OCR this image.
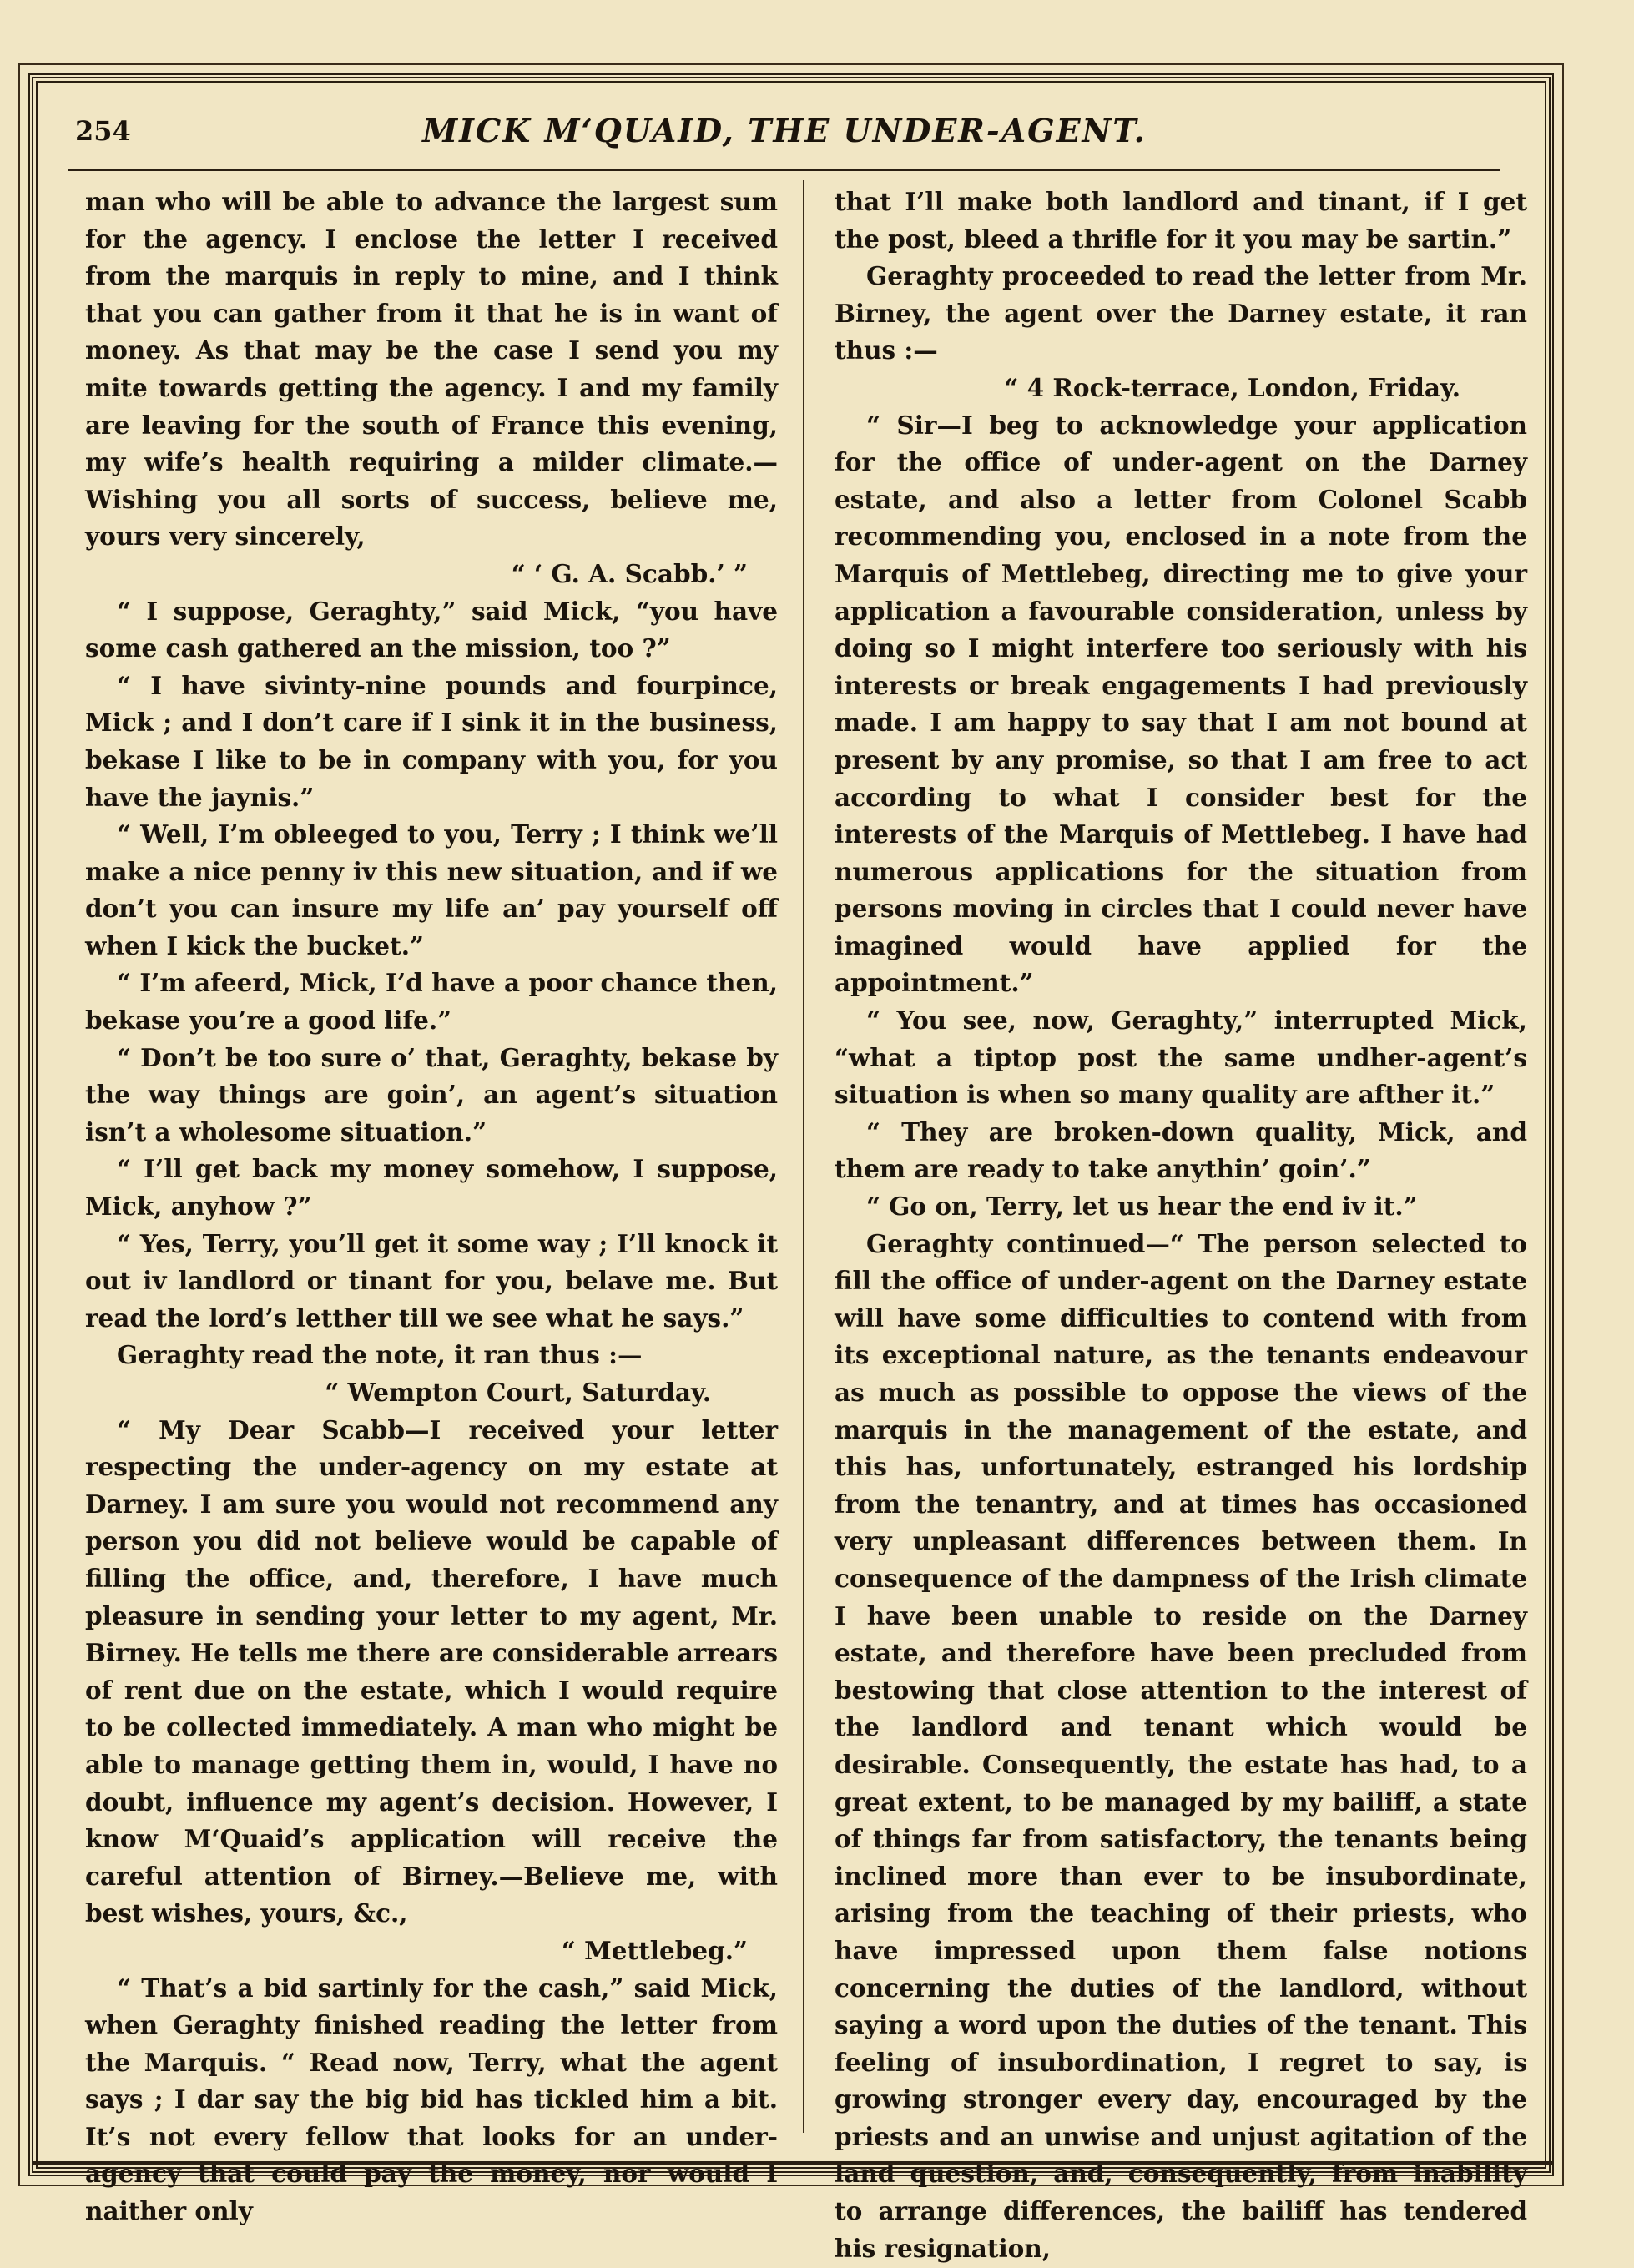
254	MICK M‘QUAID, THE UNDER-AGENT.

man who will be able to advance the largest sum for the agency. I enclose the letter I received from the marquis in reply to mine, and I think that you can gather from it that he is in want of money. As that may be the case I send you my mite towards getting the agency. I and my family are leaving for the south of France this evening, my wife’s health requiring a milder climate.—Wishing you all sorts of success, believe me, yours very sincerely,

“ ‘ G. A. Scabb.’ ”

“ I suppose, Geraghty,” said Mick, “you have some cash gathered an the mission, too ?”

“ I have sivinty-nine pounds and fourpince, Mick ; and I don’t care if I sink it in the business, bekase I like to be in company with you, for you have the jaynis.”

“ Well, I’m obleeged to you, Terry ; I think we’ll make a nice penny iv this new situation, and if we don’t you can insure my life an’ pay yourself off when I kick the bucket.”

“ I’m afeerd, Mick, I’d have a poor chance then, bekase you’re a good life.”

“ Don’t be too sure o’ that, Geraghty, bekase by the way things are goin’, an agent’s situation isn’t a wholesome situation.”

“ I’ll get back my money somehow, I suppose, Mick, anyhow ?”

“ Yes, Terry, you’ll get it some way ; I’ll knock it out iv landlord or tinant for you, belave me. But read the lord’s letther till we see what he says.”

Geraghty read the note, it ran thus :—

“ Wempton Court, Saturday.

“ My Dear Scabb—I received your letter respecting the under-agency on my estate at Darney. I am sure you would not recommend any person you did not believe would be capable of filling the office, and, therefore, I have much pleasure in sending your letter to my agent, Mr. Birney. He tells me there are considerable arrears of rent due on the estate, which I would require to be collected immediately. A man who might be able to manage getting them in, would, I have no doubt, influence my agent’s decision. However, I know M‘Quaid’s application will receive the careful attention of Birney.—Believe me, with best wishes, yours, &c.,

“ Mettlebeg.”

“ That’s a bid sartinly for the cash,” said Mick, when Geraghty finished reading the letter from the Marquis. “ Read now, Terry, what the agent says ; I dar say the big bid has tickled him a bit. It’s not every fellow that looks for an under-agency that could pay the money, nor would I naither only

that I’ll make both landlord and tinant, if I get the post, bleed a thrifle for it you may be sartin.”

Geraghty proceeded to read the letter from Mr. Birney, the agent over the Darney estate, it ran thus :—

“ 4 Rock-terrace, London, Friday.

“ Sir—I beg to acknowledge your application for the office of under-agent on the Darney estate, and also a letter from Colonel Scabb recommending you, enclosed in a note from the Marquis of Mettlebeg, directing me to give your application a favourable consideration, unless by doing so I might interfere too seriously with his interests or break engagements I had previously made. I am happy to say that I am not bound at present by any promise, so that I am free to act according to what I consider best for the interests of the Marquis of Mettlebeg. I have had numerous applications for the situation from persons moving in circles that I could never have imagined would have applied for the appointment.”

“ You see, now, Geraghty,” interrupted Mick, “what a tiptop post the same undher-agent’s situation is when so many quality are afther it.”

“ They are broken-down quality, Mick, and them are ready to take anythin’ goin’.”

“ Go on, Terry, let us hear the end iv it.”

Geraghty continued—“ The person selected to fill the office of under-agent on the Darney estate will have some difficulties to contend with from its exceptional nature, as the tenants endeavour as much as possible to oppose the views of the marquis in the management of the estate, and this has, unfortunately, estranged his lordship from the tenantry, and at times has occasioned very unpleasant differences between them. In consequence of the dampness of the Irish climate I have been unable to reside on the Darney estate, and therefore have been precluded from bestowing that close attention to the interest of the landlord and tenant which would be desirable. Consequently, the estate has had, to a great extent, to be managed by my bailiff, a state of things far from satisfactory, the tenants being inclined more than ever to be insubordinate, arising from the teaching of their priests, who have impressed upon them false notions concerning the duties of the landlord, without saying a word upon the duties of the tenant. This feeling of insubordination, I regret to say, is growing stronger every day, encouraged by the priests and an unwise and unjust agitation of the land question, and, consequently, from inability to arrange differences, the bailiff has tendered his resignation,
